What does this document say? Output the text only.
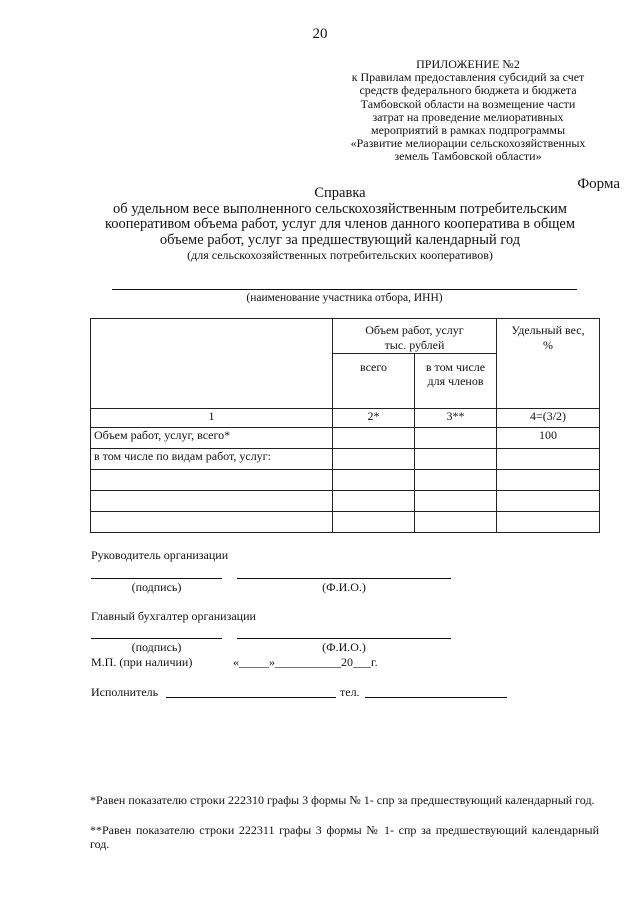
20
ПРИЛОЖЕНИЕ №2
к Правилам предоставления субсидий за счет
средств федерального бюджета и бюджета
Тамбовской области на возмещение части
затрат на проведение мелиоративных
мероприятий в рамках подпрограммы
«Развитие мелиорации сельскохозяйственных
земель Тамбовской области»
Форма
Справка
об удельном весе выполненного сельскохозяйственным потребительским
кооперативом объема работ, услуг для членов данного кооператива в общем
объеме работ, услуг за предшествующий календарный год
(для сельскохозяйственных потребительских кооперативов)
(наименование участника отбора, ИНН)

	Объем работ, услуг тыс. рублей		Удельный вес, %

	всего	в том числе для членов	

1	2*	3**	4=(3/2)
Объем работ, услуг, всего*			100
в том числе по видам работ, услуг:			

Руководитель организации
(подпись)	(Ф.И.О.)
Главный бухгалтер организации
(подпись)	(Ф.И.О.)
М.П. (при наличии)	«_____»___________20___г.
Исполнитель	тел.
*Равен показателю строки 222310 графы 3 формы № 1- спр за предшествующий календарный год.
**Равен показателю строки 222311 графы 3 формы № 1- спр за предшествующий календарный год.
